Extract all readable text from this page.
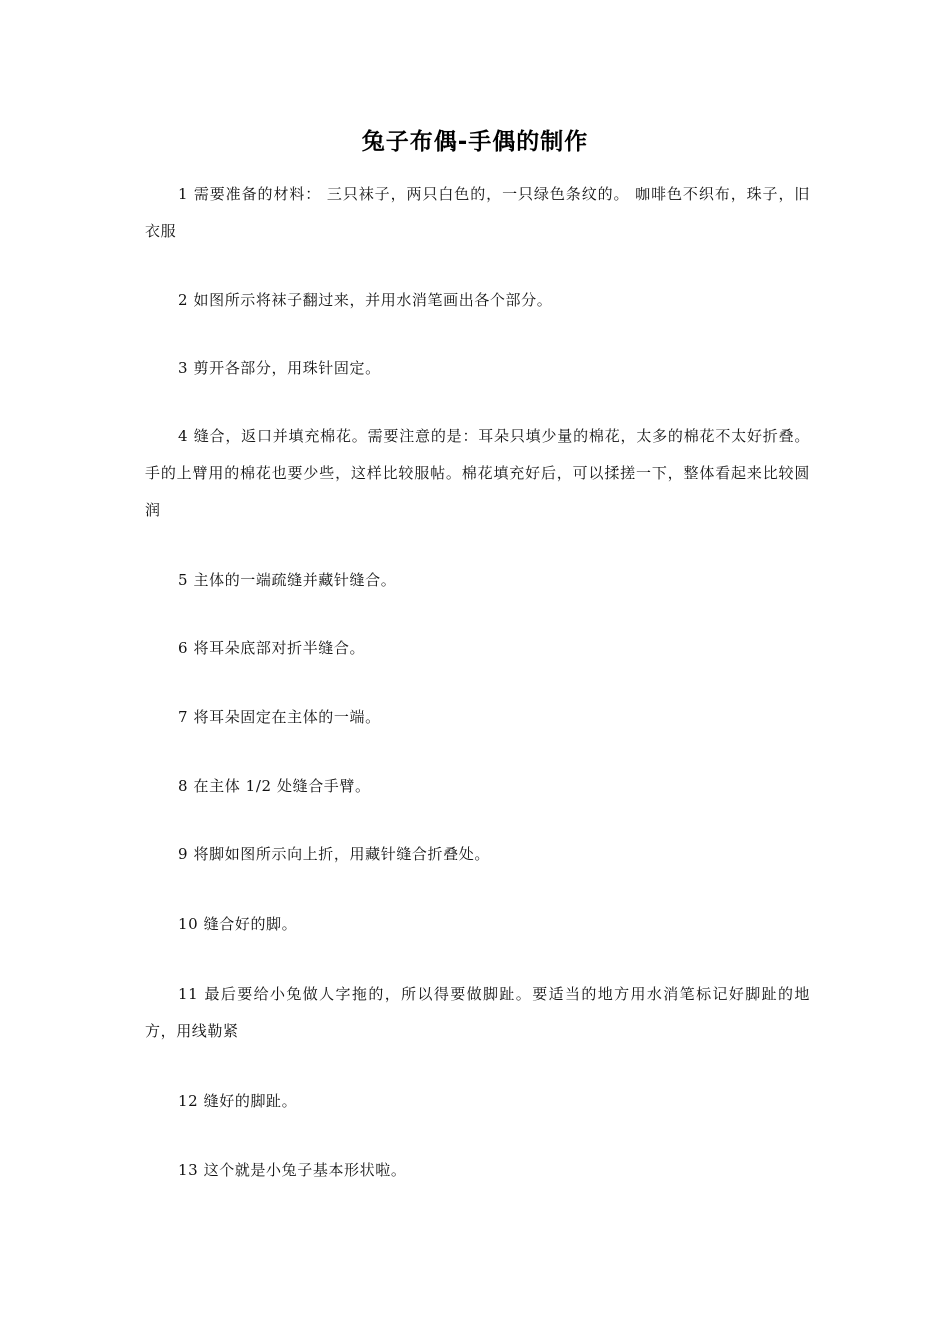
兔子布偶-手偶的制作

1 需要准备的材料： 三只袜子，两只白色的，一只绿色条纹的。 咖啡色不织布，珠子，旧衣服

2 如图所示将袜子翻过来，并用水消笔画出各个部分。

3 剪开各部分，用珠针固定。

4 缝合，返口并填充棉花。需要注意的是：耳朵只填少量的棉花，太多的棉花不太好折叠。手的上臂用的棉花也要少些，这样比较服帖。棉花填充好后，可以揉搓一下，整体看起来比较圆润

5 主体的一端疏缝并藏针缝合。

6 将耳朵底部对折半缝合。

7 将耳朵固定在主体的一端。

8 在主体 1/2 处缝合手臂。

9 将脚如图所示向上折，用藏针缝合折叠处。

10 缝合好的脚。

11 最后要给小兔做人字拖的，所以得要做脚趾。要适当的地方用水消笔标记好脚趾的地方，用线勒紧

12 缝好的脚趾。

13 这个就是小兔子基本形状啦。
